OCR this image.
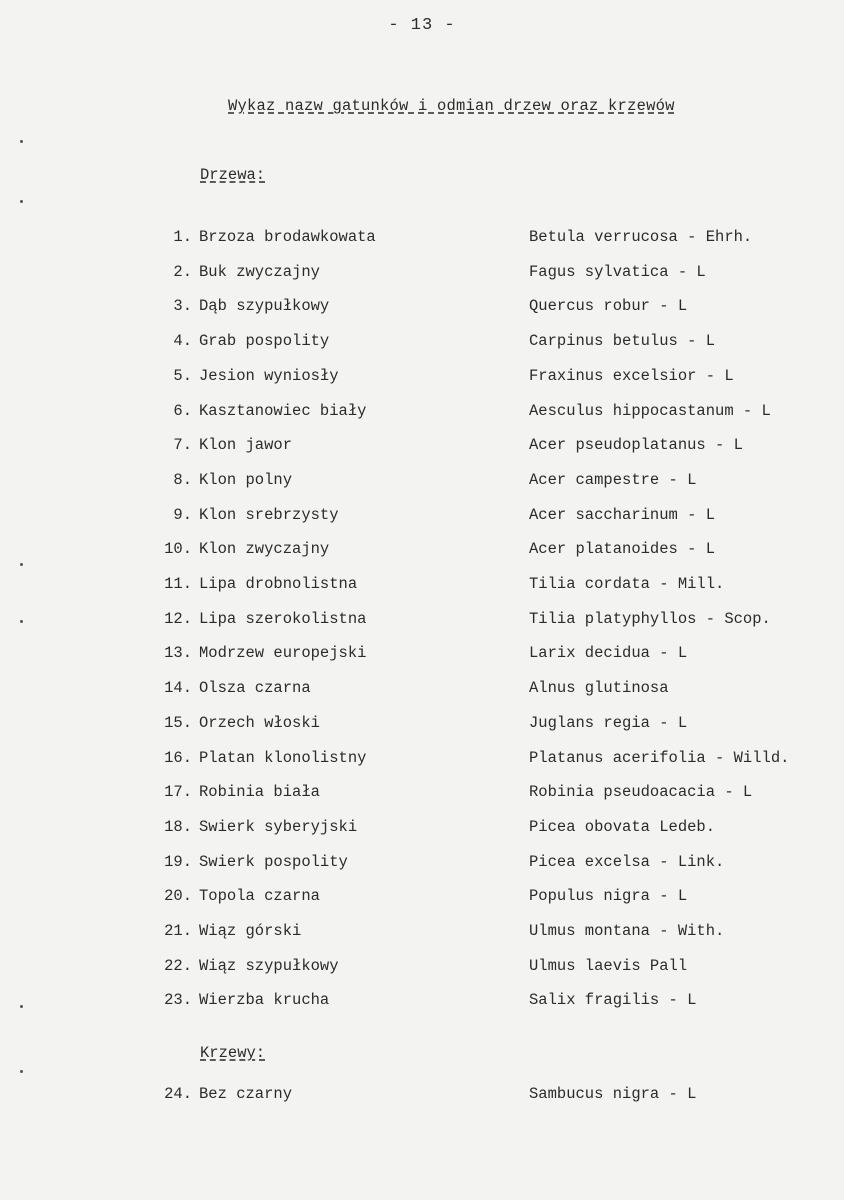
- 13 -
Wykaz nazw gatunków i odmian drzew oraz krzewów
Drzewa:
1. Brzoza brodawkowata	Betula verrucosa - Ehrh.
2. Buk zwyczajny	Fagus sylvatica - L
3. Dąb szypułkowy	Quercus robur - L
4. Grab pospolity	Carpinus betulus - L
5. Jesion wyniosły	Fraxinus excelsior - L
6. Kasztanowiec biały	Aesculus hippocastanum - L
7. Klon jawor	Acer pseudoplatanus - L
8. Klon polny	Acer campestre - L
9. Klon srebrzysty	Acer saccharinum - L
10. Klon zwyczajny	Acer platanoides - L
11. Lipa drobnolistna	Tilia cordata - Mill.
12. Lipa szerokolistna	Tilia platyphyllos - Scop.
13. Modrzew europejski	Larix decidua - L
14. Olsza czarna	Alnus glutinosa
15. Orzech włoski	Juglans regia - L
16. Platan klonolistny	Platanus acerifolia - Willd.
17. Robinia biała	Robinia pseudoacacia - L
18. Swierk syberyjski	Picea obovata Ledeb.
19. Swierk pospolity	Picea excelsa - Link.
20. Topola czarna	Populus nigra - L
21. Wiąz górski	Ulmus montana - With.
22. Wiąz szypułkowy	Ulmus laevis Pall
23. Wierzba krucha	Salix fragilis - L
Krzewy:
24. Bez czarny	Sambucus nigra - L
